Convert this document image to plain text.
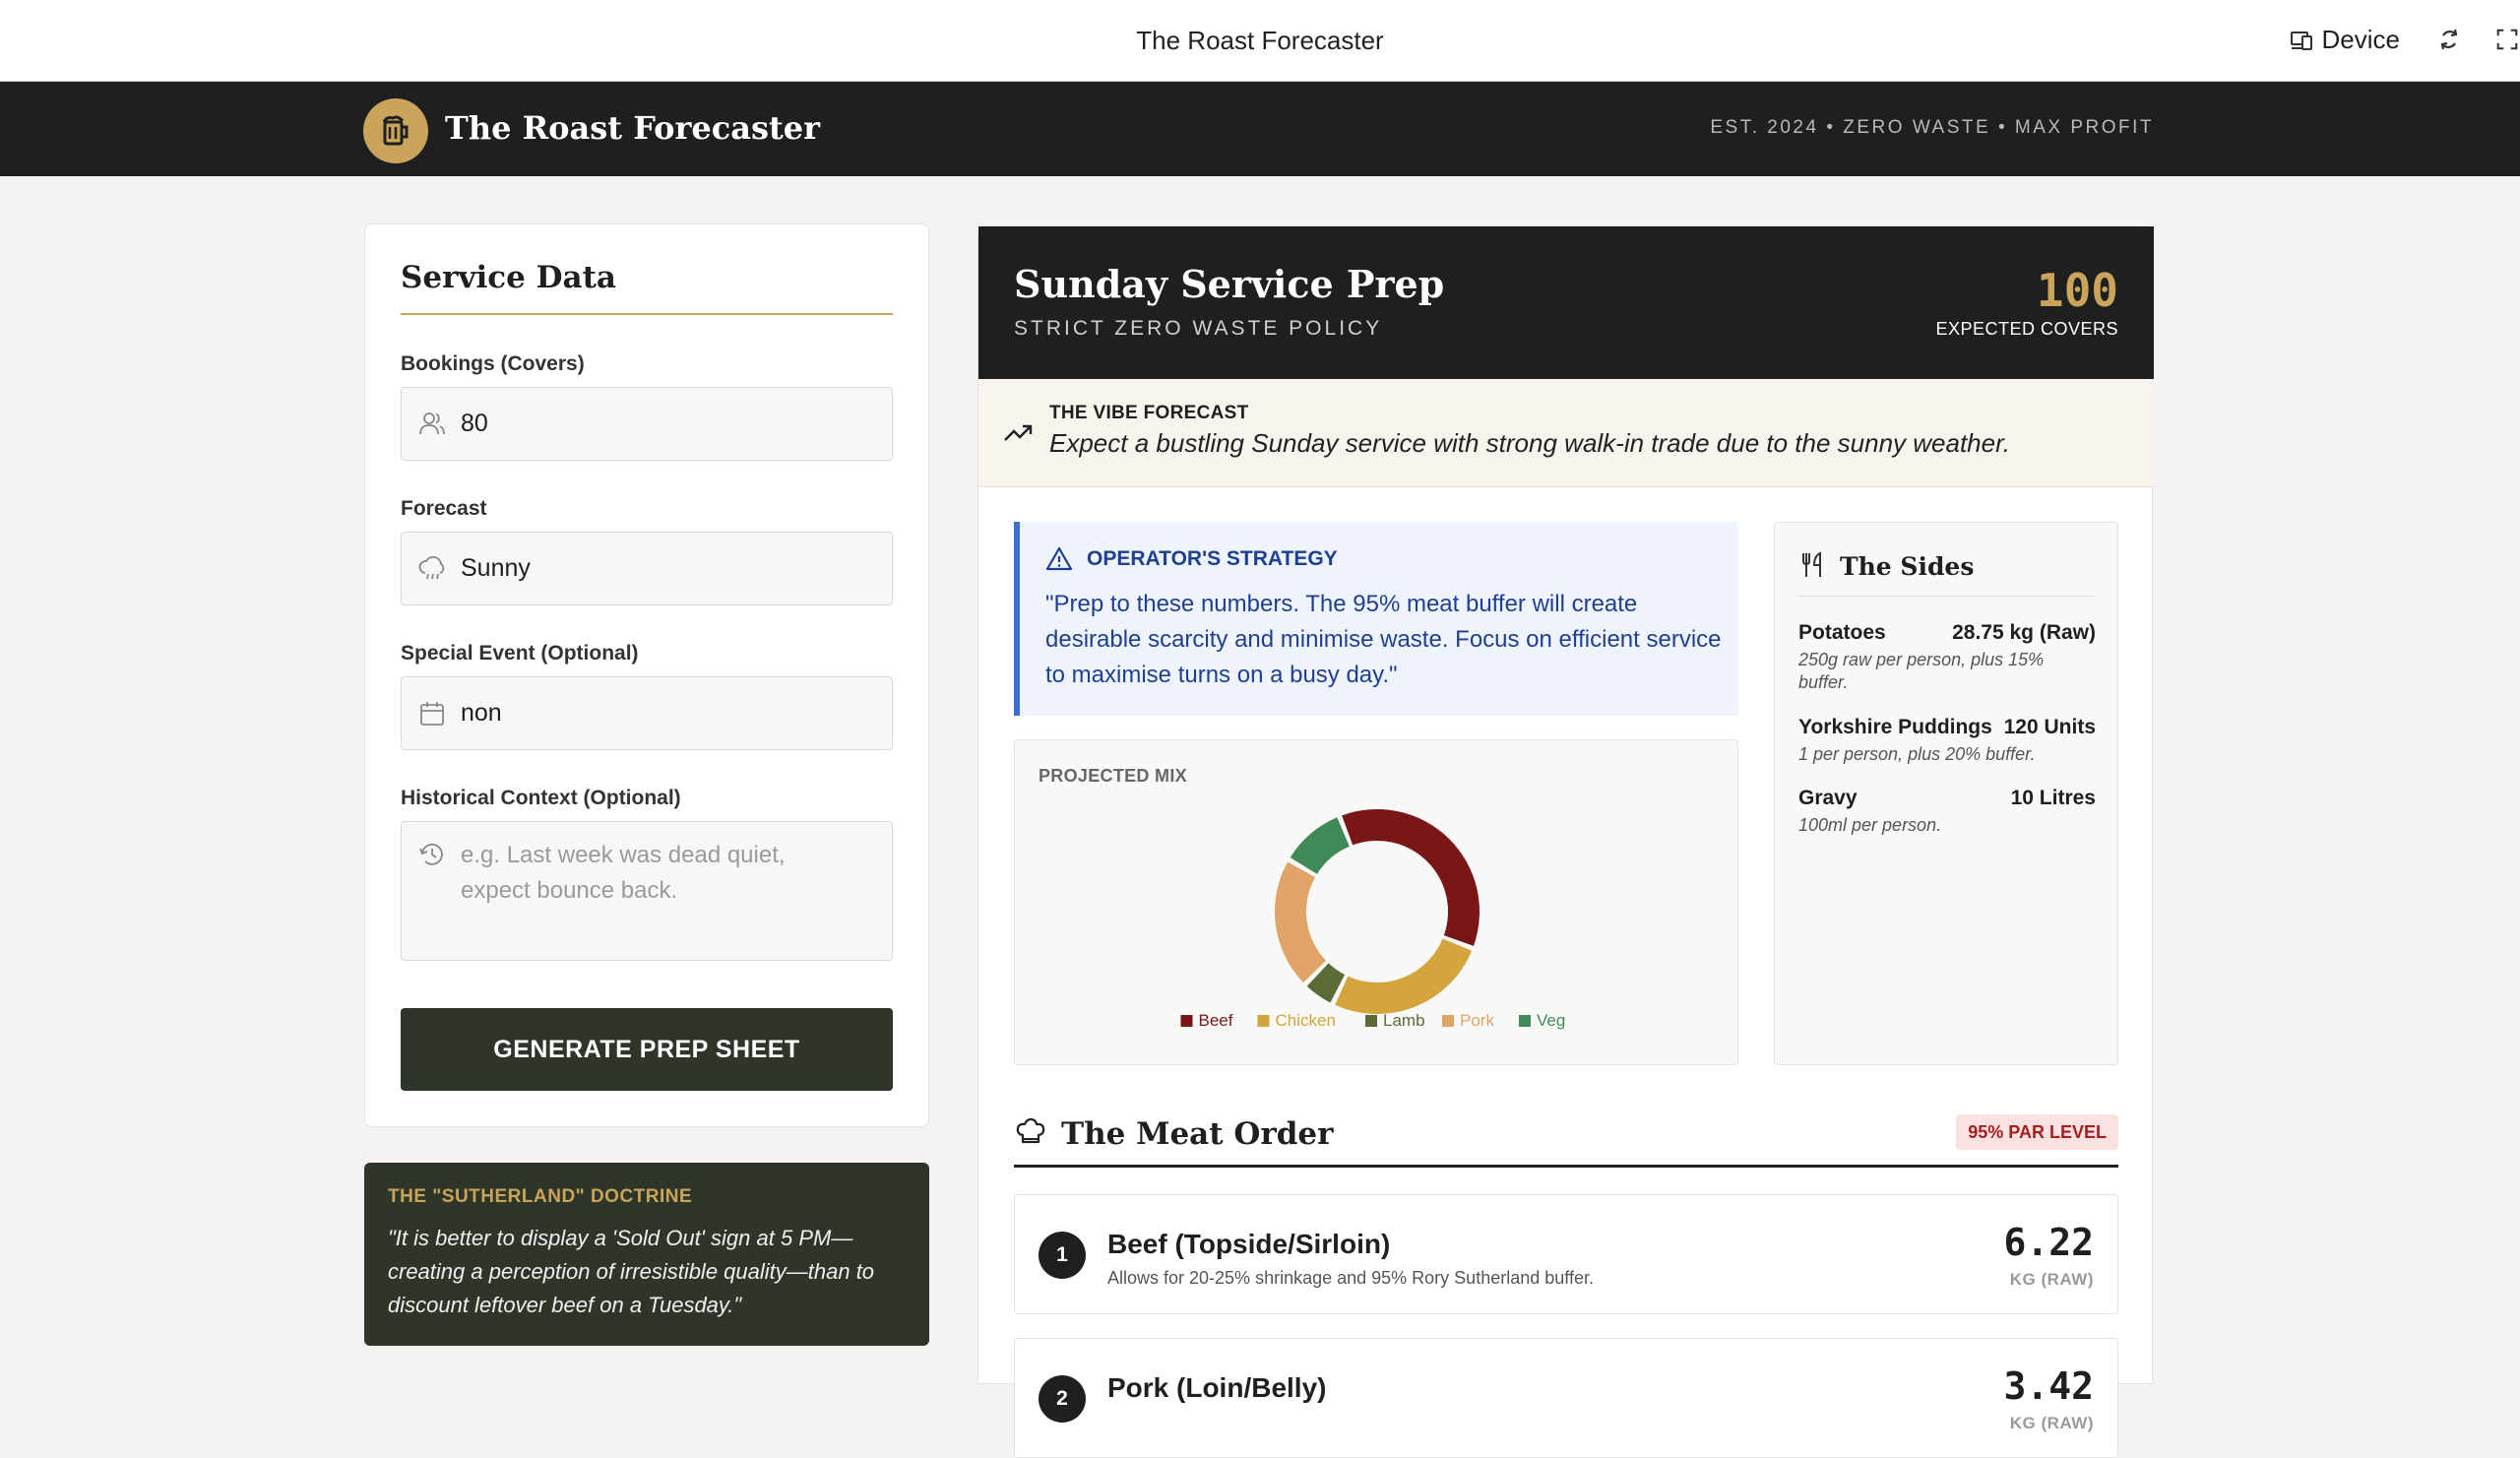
The Roast Forecaster	Device
The Roast Forecaster	EST. 2024 • ZERO WASTE • MAX PROFIT
Service Data
Bookings (Covers)
80
Forecast
Sunny
Special Event (Optional)
non
Historical Context (Optional)
e.g. Last week was dead quiet, expect bounce back.
GENERATE PREP SHEET
THE "SUTHERLAND" DOCTRINE
"It is better to display a 'Sold Out' sign at 5 PM—creating a perception of irresistible quality—than to discount leftover beef on a Tuesday."
Sunday Service Prep
STRICT ZERO WASTE POLICY
100
EXPECTED COVERS
THE VIBE FORECAST
Expect a bustling Sunday service with strong walk-in trade due to the sunny weather.
OPERATOR'S STRATEGY
"Prep to these numbers. The 95% meat buffer will create desirable scarcity and minimise waste. Focus on efficient service to maximise turns on a busy day."
PROJECTED MIX
Beef	Chicken	Lamb Pork	Veg
The Sides
Potatoes	28.75 kg (Raw)
250g raw per person, plus 15% buffer.
Yorkshire Puddings 120 Units
1 per person, plus 20% buffer.
Gravy	10 Litres
100ml per person.
The Meat Order	95% PAR LEVEL
1	Beef (Topside/Sirloin)
Allows for 20-25% shrinkage and 95% Rory Sutherland buffer.
6.22
KG (RAW)
2	Pork (Loin/Belly)	3.42
KG (RAW)
